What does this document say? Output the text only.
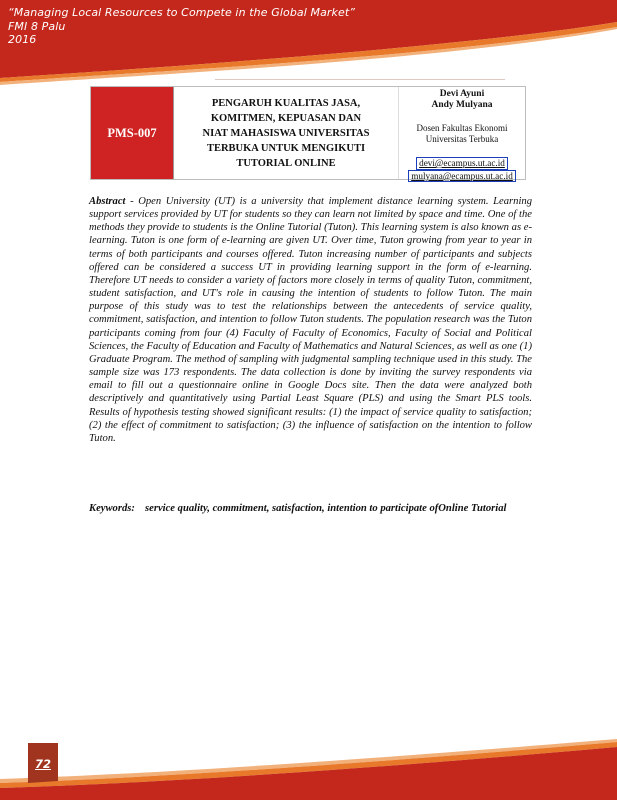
“Managing Local Resources to Compete in the Global Market”
FMI 8 Palu
2016
PMS-007
PENGARUH KUALITAS JASA,
KOMITMEN, KEPUASAN DAN
NIAT MAHASISWA UNIVERSITAS
TERBUKA UNTUK MENGIKUTI
TUTORIAL ONLINE
Devi Ayuni
Andy Mulyana
Dosen Fakultas Ekonomi
Universitas Terbuka
devi@ecampus.ut.ac.id
mulyana@ecampus.ut.ac.id
Abstract - Open University (UT) is a university that implement distance learning system. Learning support services provided by UT for students so they can learn not limited by space and time. One of the methods they provide to students is the Online Tutorial (Tuton). This learning system is also known as e-learning. Tuton is one form of e-learning are given UT. Over time, Tuton growing from year to year in terms of both participants and courses offered. Tuton increasing number of participants and subjects offered can be considered a success UT in providing learning support in the form of e-learning. Therefore UT needs to consider a variety of factors more closely in terms of quality Tuton, commitment, student satisfaction, and UT's role in causing the intention of students to follow Tuton. The main purpose of this study was to test the relationships between the antecedents of service quality, commitment, satisfaction, and intention to follow Tuton students. The population research was the Tuton participants coming from four (4) Faculty of Faculty of Economics, Faculty of Social and Political Sciences, the Faculty of Education and Faculty of Mathematics and Natural Sciences, as well as one (1) Graduate Program. The method of sampling with judgmental sampling technique used in this study. The sample size was 173 respondents. The data collection is done by inviting the survey respondents via email to fill out a questionnaire online in Google Docs site. Then the data were analyzed both descriptively and quantitatively using Partial Least Square (PLS) and using the Smart PLS tools. Results of hypothesis testing showed significant results: (1) the impact of service quality to satisfaction; (2) the effect of commitment to satisfaction; (3) the influence of satisfaction on the intention to follow Tuton.
Keywords: service quality, commitment, satisfaction, intention to participate ofOnline Tutorial
72
